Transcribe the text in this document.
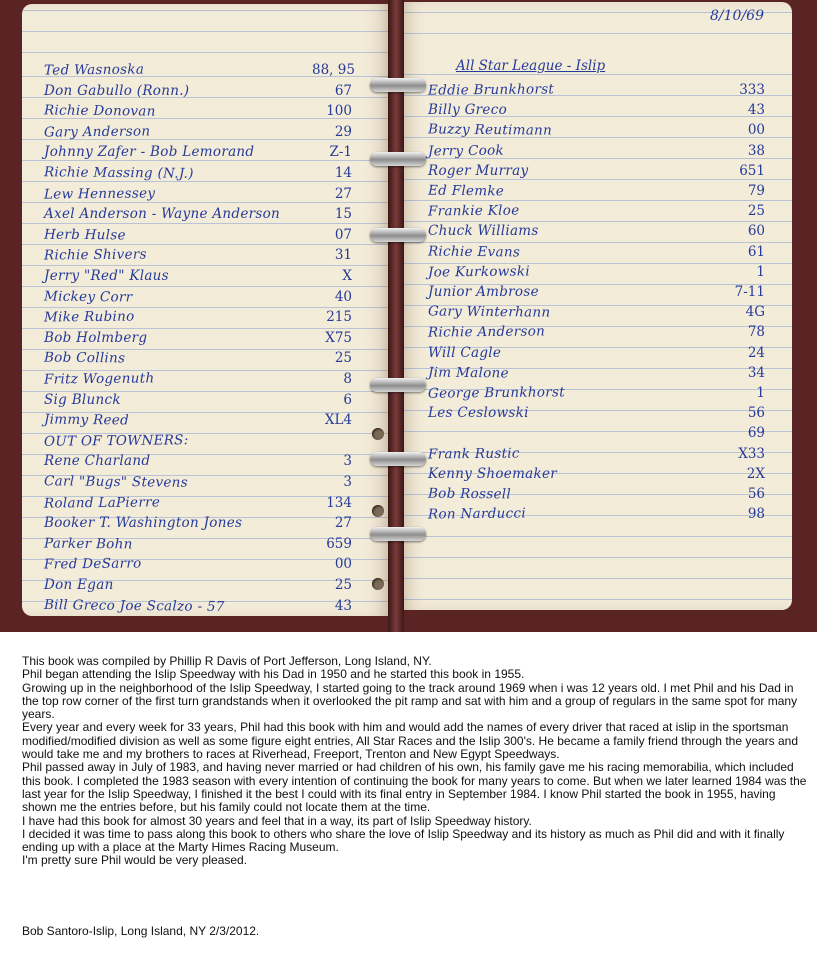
8/10/69
All Star League - Islip
Ted Wasnoska	88, 95
Don Gabullo (Ronn.)	67
Richie Donovan	100
Gary Anderson	29
Johnny Zafer - Bob Lemorand	Z-1
Richie Massing (N.J.)	14
Lew Hennessey	27
Axel Anderson - Wayne Anderson	15
Herb Hulse	07
Richie Shivers	31
Jerry "Red" Klaus	X
Mickey Corr	40
Mike Rubino	215
Bob Holmberg	X75
Bob Collins	25
Fritz Wogenuth	8
Sig Blunck	6
Jimmy Reed	XL4
OUT OF TOWNERS:
Rene Charland	3
Carl "Bugs" Stevens	3
Roland LaPierre	134
Booker T. Washington Jones	27
Parker Bohn	659
Fred DeSarro	00
Don Egan	25
Bill Greco Joe Scalzo - 57	43
Eddie Brunkhorst	333
Billy Greco	43
Buzzy Reutimann	00
Jerry Cook	38
Roger Murray	651
Ed Flemke	79
Frankie Kloe	25
Chuck Williams	60
Richie Evans	61
Joe Kurkowski	1
Junior Ambrose	7-11
Gary Winterhann	4G
Richie Anderson	78
Will Cagle	24
Jim Malone	34
George Brunkhorst	1
Les Ceslowski	56
69
Frank Rustic	X33
Kenny Shoemaker	2X
Bob Rossell	56
Ron Narducci	98

This book was compiled by Phillip R Davis of Port Jefferson, Long Island, NY.

Phil began attending the Islip Speedway with his Dad in 1950 and he started this book in 1955.

Growing up in the neighborhood of the Islip Speedway, I started going to the track around 1969 when i was 12 years old. I met Phil and his Dad in the top row corner of the first turn grandstands when it overlooked the pit ramp and sat with him and a group of regulars in the same spot for many years.

Every year and every week for 33 years, Phil had this book with him and would add the names of every driver that raced at islip in the sportsman modified/modified division as well as some figure eight entries, All Star Races and the Islip 300's. He became a family friend through the years and would take me and my brothers to races at Riverhead, Freeport, Trenton and New Egypt Speedways.

Phil passed away in July of 1983, and having never married or had children of his own, his family gave me his racing memorabilia, which included this book. I completed the 1983 season with every intention of continuing the book for many years to come. But when we later learned 1984 was the last year for the Islip Speedway, I finished it the best I could with its final entry in September 1984. I know Phil started the book in 1955, having shown me the entries before, but his family could not locate them at the time.

I have had this book for almost 30 years and feel that in a way, its part of Islip Speedway history.

I decided it was time to pass along this book to others who share the love of Islip Speedway and its history as much as Phil did and with it finally ending up with a place at the Marty Himes Racing Museum.

I'm pretty sure Phil would be very pleased.

Bob Santoro-Islip, Long Island, NY 2/3/2012.
